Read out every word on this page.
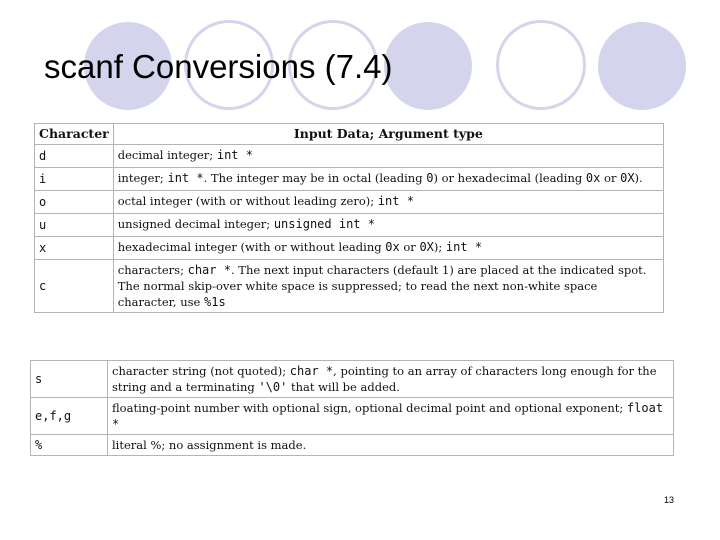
scanf Conversions (7.4)
Character	Input Data; Argument type
d	decimal integer; int *
i	integer; int *. The integer may be in octal (leading 0) or hexadecimal (leading 0x or 0X).
o	octal integer (with or without leading zero); int *
u	unsigned decimal integer; unsigned int *
x	hexadecimal integer (with or without leading 0x or 0X); int *
c	characters; char *. The next input characters (default 1) are placed at the indicated spot. The normal skip-over white space is suppressed; to read the next non-white space character, use %1s
s	character string (not quoted); char *, pointing to an array of characters long enough for the string and a terminating '\0' that will be added.
e,f,g	floating-point number with optional sign, optional decimal point and optional exponent; float *
%	literal %; no assignment is made.
13
